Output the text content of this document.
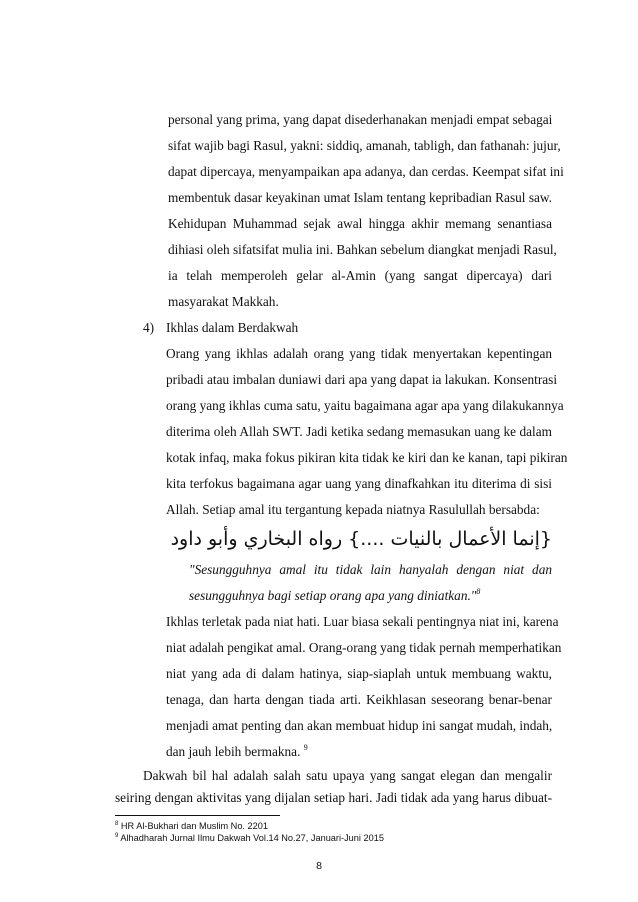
personal yang prima, yang dapat disederhanakan menjadi empat sebagai
sifat wajib bagi Rasul, yakni: siddiq, amanah, tabligh, dan fathanah: jujur,
dapat dipercaya, menyampaikan apa adanya, dan cerdas. Keempat sifat ini
membentuk dasar keyakinan umat Islam tentang kepribadian Rasul saw.
Kehidupan Muhammad sejak awal hingga akhir memang senantiasa
dihiasi oleh sifatsifat mulia ini. Bahkan sebelum diangkat menjadi Rasul,
ia telah memperoleh gelar al-Amin (yang sangat dipercaya) dari
masyarakat Makkah.
4) Ikhlas dalam Berdakwah
Orang yang ikhlas adalah orang yang tidak menyertakan kepentingan
pribadi atau imbalan duniawi dari apa yang dapat ia lakukan. Konsentrasi
orang yang ikhlas cuma satu, yaitu bagaimana agar apa yang dilakukannya
diterima oleh Allah SWT. Jadi ketika sedang memasukan uang ke dalam
kotak infaq, maka fokus pikiran kita tidak ke kiri dan ke kanan, tapi pikiran
{إنما الأعمال بالنيات ....} رواه البخاري وأبو داود
"Sesungguhnya amal itu tidak lain hanyalah dengan niat dan
sesungguhnya bagi setiap orang apa yang diniatkan."$^8$
Ikhlas terletak pada niat hati. Luar biasa sekali pentingnya niat ini, karena
niat adalah pengikat amal. Orang-orang yang tidak pernah memperhatikan
niat yang ada di dalam hatinya, siap-siaplah untuk membuang waktu,
tenaga, dan harta dengan tiada arti. Keikhlasan seseorang benar-benar
menjadi amat penting dan akan membuat hidup ini sangat mudah, indah,
dan jauh lebih bermakna. $^9$
Dakwah bil hal adalah salah satu upaya yang sangat elegan dan mengalir
$^8$ HR Al-Bukhari dan Muslim No. 2201
$^9$ Alhadharah Jurnal Ilmu Dakwah Vol.14 No.27, Januari-Juni 2015
8
kita terfokus bagaimana agar uang yang dinafkahkan itu diterima di sisi
Allah. Setiap amal itu tergantung kepada niatnya Rasulullah bersabda:
seiring dengan aktivitas yang dijalan setiap hari. Jadi tidak ada yang harus dibuat-
